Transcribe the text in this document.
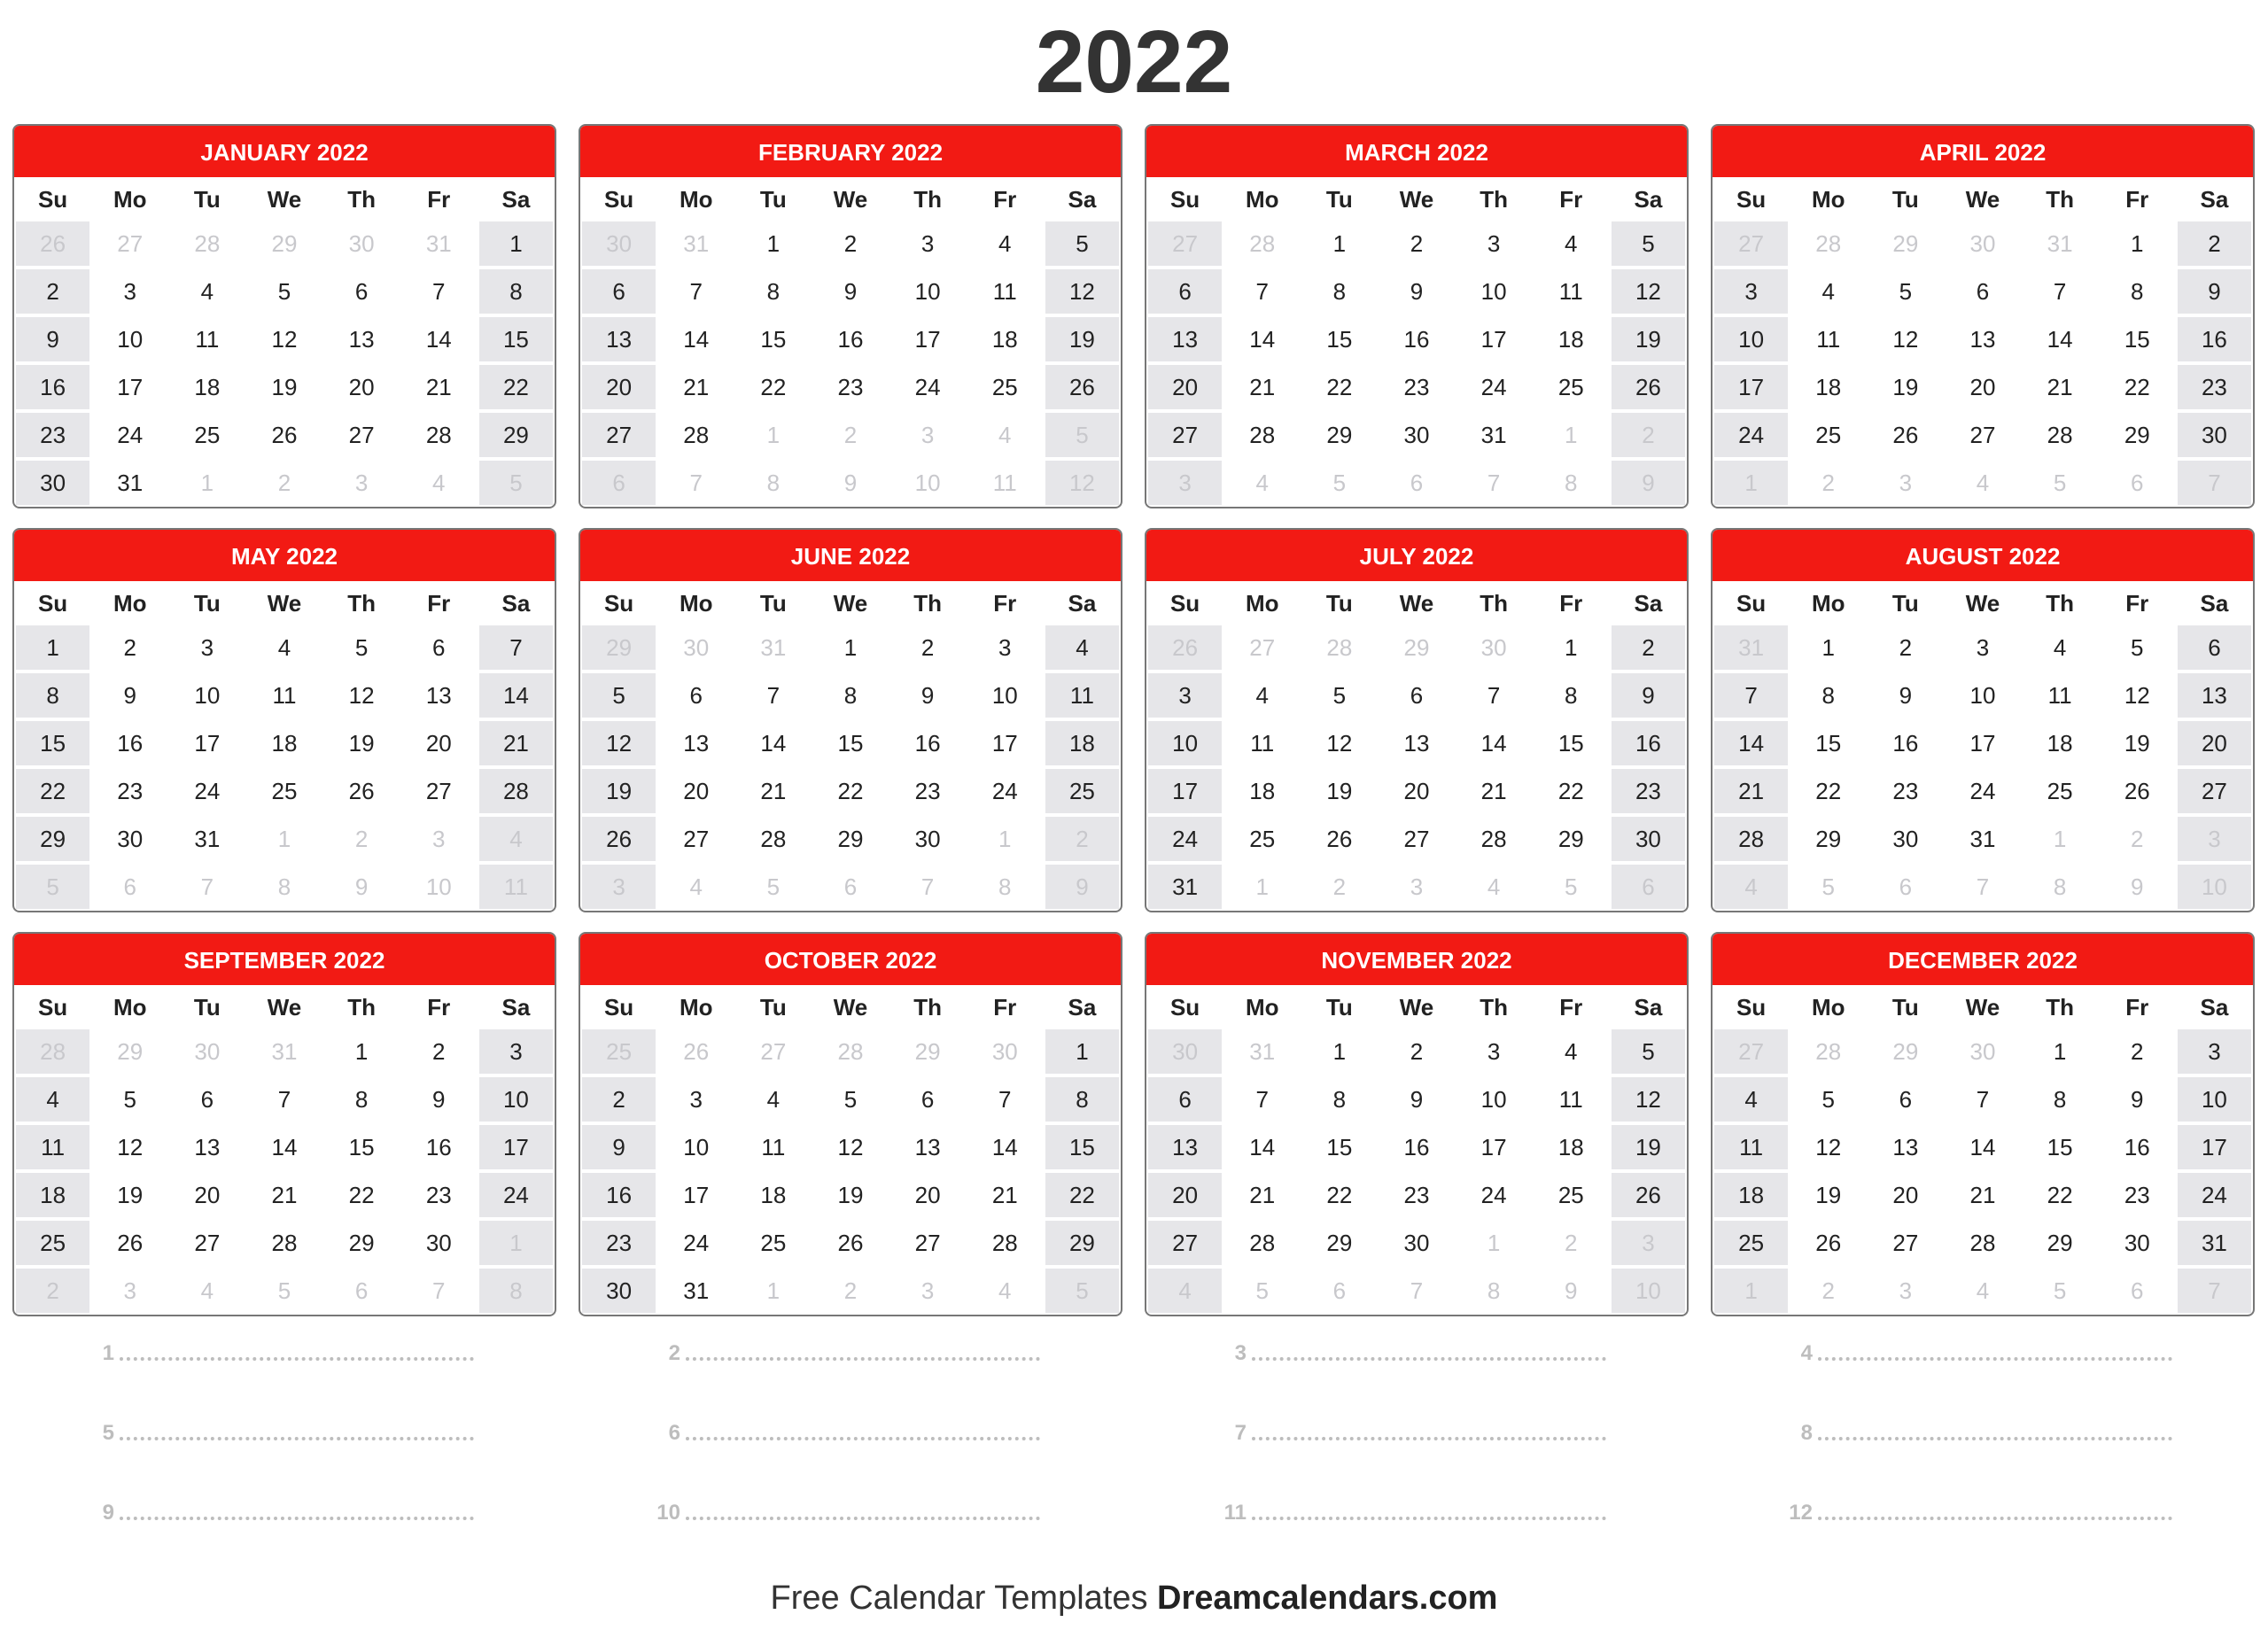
2022
JANUARY 2022
Su	Mo	Tu	We	Th	Fr	Sa
26	27	28	29	30	31	1
2	3	4	5	6	7	8
9	10	11	12	13	14	15
16	17	18	19	20	21	22
23	24	25	26	27	28	29
30	31	1	2	3	4	5
FEBRUARY 2022
Su	Mo	Tu	We	Th	Fr	Sa
30	31	1	2	3	4	5
6	7	8	9	10	11	12
13	14	15	16	17	18	19
20	21	22	23	24	25	26
27	28	1	2	3	4	5
6	7	8	9	10	11	12
MARCH 2022
Su	Mo	Tu	We	Th	Fr	Sa
27	28	1	2	3	4	5
6	7	8	9	10	11	12
13	14	15	16	17	18	19
20	21	22	23	24	25	26
27	28	29	30	31	1	2
3	4	5	6	7	8	9
APRIL 2022
Su	Mo	Tu	We	Th	Fr	Sa
27	28	29	30	31	1	2
3	4	5	6	7	8	9
10	11	12	13	14	15	16
17	18	19	20	21	22	23
24	25	26	27	28	29	30
1	2	3	4	5	6	7
MAY 2022
Su	Mo	Tu	We	Th	Fr	Sa
1	2	3	4	5	6	7
8	9	10	11	12	13	14
15	16	17	18	19	20	21
22	23	24	25	26	27	28
29	30	31	1	2	3	4
5	6	7	8	9	10	11
JUNE 2022
Su	Mo	Tu	We	Th	Fr	Sa
29	30	31	1	2	3	4
5	6	7	8	9	10	11
12	13	14	15	16	17	18
19	20	21	22	23	24	25
26	27	28	29	30	1	2
3	4	5	6	7	8	9
JULY 2022
Su	Mo	Tu	We	Th	Fr	Sa
26	27	28	29	30	1	2
3	4	5	6	7	8	9
10	11	12	13	14	15	16
17	18	19	20	21	22	23
24	25	26	27	28	29	30
31	1	2	3	4	5	6
AUGUST 2022
Su	Mo	Tu	We	Th	Fr	Sa
31	1	2	3	4	5	6
7	8	9	10	11	12	13
14	15	16	17	18	19	20
21	22	23	24	25	26	27
28	29	30	31	1	2	3
4	5	6	7	8	9	10
SEPTEMBER 2022
Su	Mo	Tu	We	Th	Fr	Sa
28	29	30	31	1	2	3
4	5	6	7	8	9	10
11	12	13	14	15	16	17
18	19	20	21	22	23	24
25	26	27	28	29	30	1
2	3	4	5	6	7	8
OCTOBER 2022
Su	Mo	Tu	We	Th	Fr	Sa
25	26	27	28	29	30	1
2	3	4	5	6	7	8
9	10	11	12	13	14	15
16	17	18	19	20	21	22
23	24	25	26	27	28	29
30	31	1	2	3	4	5
NOVEMBER 2022
Su	Mo	Tu	We	Th	Fr	Sa
30	31	1	2	3	4	5
6	7	8	9	10	11	12
13	14	15	16	17	18	19
20	21	22	23	24	25	26
27	28	29	30	1	2	3
4	5	6	7	8	9	10
DECEMBER 2022
Su	Mo	Tu	We	Th	Fr	Sa
27	28	29	30	1	2	3
4	5	6	7	8	9	10
11	12	13	14	15	16	17
18	19	20	21	22	23	24
25	26	27	28	29	30	31
1	2	3	4	5	6	7
1	2	3	4
5	6	7	8
9	10	11	12
Free Calendar Templates Dreamcalendars.com
